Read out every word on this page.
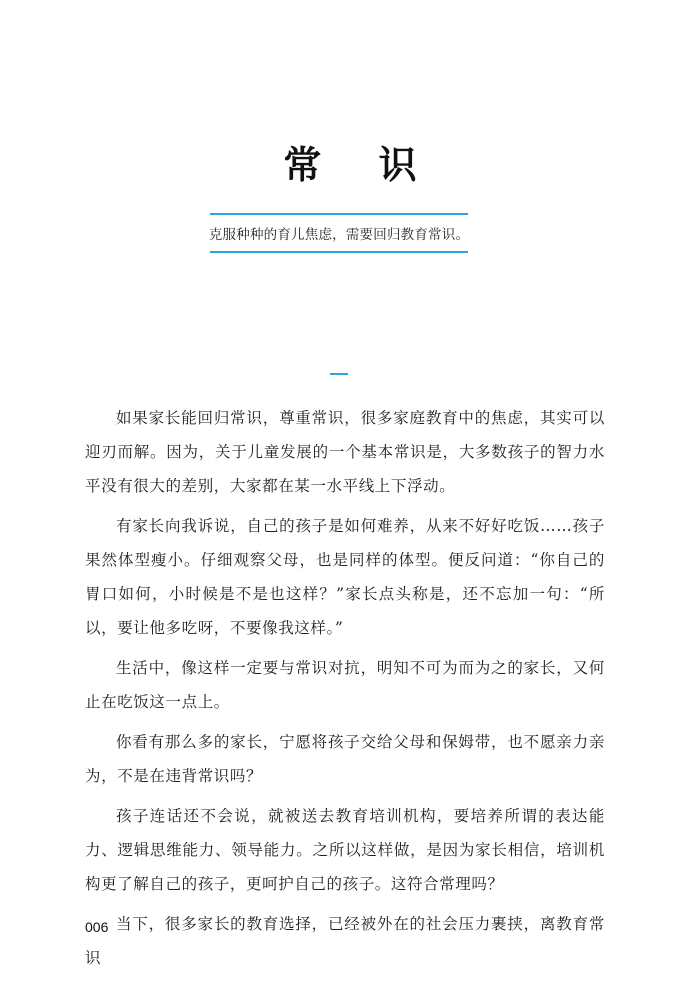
常 识
克服种种的育儿焦虑，需要回归教育常识。

如果家长能回归常识，尊重常识，很多家庭教育中的焦虑，其实可以迎刃而解。因为，关于儿童发展的一个基本常识是，大多数孩子的智力水平没有很大的差别，大家都在某一水平线上下浮动。

有家长向我诉说，自己的孩子是如何难养，从来不好好吃饭……孩子果然体型瘦小。仔细观察父母，也是同样的体型。便反问道：“你自己的胃口如何，小时候是不是也这样？”家长点头称是，还不忘加一句：“所以，要让他多吃呀，不要像我这样。”

生活中，像这样一定要与常识对抗，明知不可为而为之的家长，又何止在吃饭这一点上。

你看有那么多的家长，宁愿将孩子交给父母和保姆带，也不愿亲力亲为，不是在违背常识吗？

孩子连话还不会说，就被送去教育培训机构，要培养所谓的表达能力、逻辑思维能力、领导能力。之所以这样做，是因为家长相信，培训机构更了解自己的孩子，更呵护自己的孩子。这符合常理吗？

当下，很多家长的教育选择，已经被外在的社会压力裹挟，离教育常识

006
